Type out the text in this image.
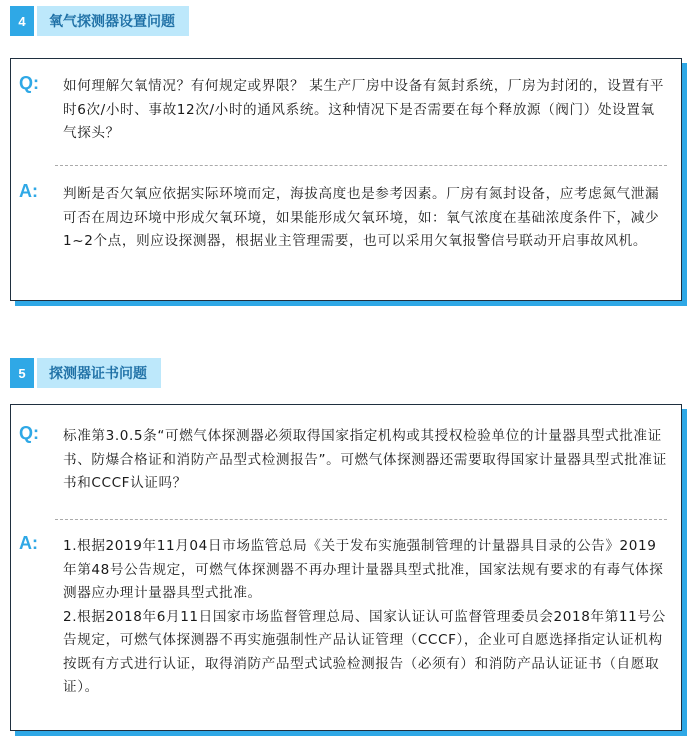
4	氧气探测器设置问题
Q: 如何理解欠氧情况？有何规定或界限？ 某生产厂房中设备有氮封系统，厂房为封闭的，设置有平时6次/小时、事故12次/小时的通风系统。这种情况下是否需要在每个释放源（阀门）处设置氧气探头？
A: 判断是否欠氧应依据实际环境而定，海拔高度也是参考因素。厂房有氮封设备，应考虑氮气泄漏可否在周边环境中形成欠氧环境，如果能形成欠氧环境，如：氧气浓度在基础浓度条件下，减少1~2个点，则应设探测器，根据业主管理需要，也可以采用欠氧报警信号联动开启事故风机。
5	探测器证书问题
Q: 标准第3.0.5条“可燃气体探测器必须取得国家指定机构或其授权检验单位的计量器具型式批准证书、防爆合格证和消防产品型式检测报告”。可燃气体探测器还需要取得国家计量器具型式批准证书和CCCF认证吗？
A: 1.根据2019年11月04日市场监管总局《关于发布实施强制管理的计量器具目录的公告》2019年第48号公告规定，可燃气体探测器不再办理计量器具型式批准，国家法规有要求的有毒气体探测器应办理计量器具型式批准。
2.根据2018年6月11日国家市场监督管理总局、国家认证认可监督管理委员会2018年第11号公告规定，可燃气体探测器不再实施强制性产品认证管理（CCCF），企业可自愿选择指定认证机构按既有方式进行认证，取得消防产品型式试验检测报告（必须有）和消防产品认证证书（自愿取证）。
